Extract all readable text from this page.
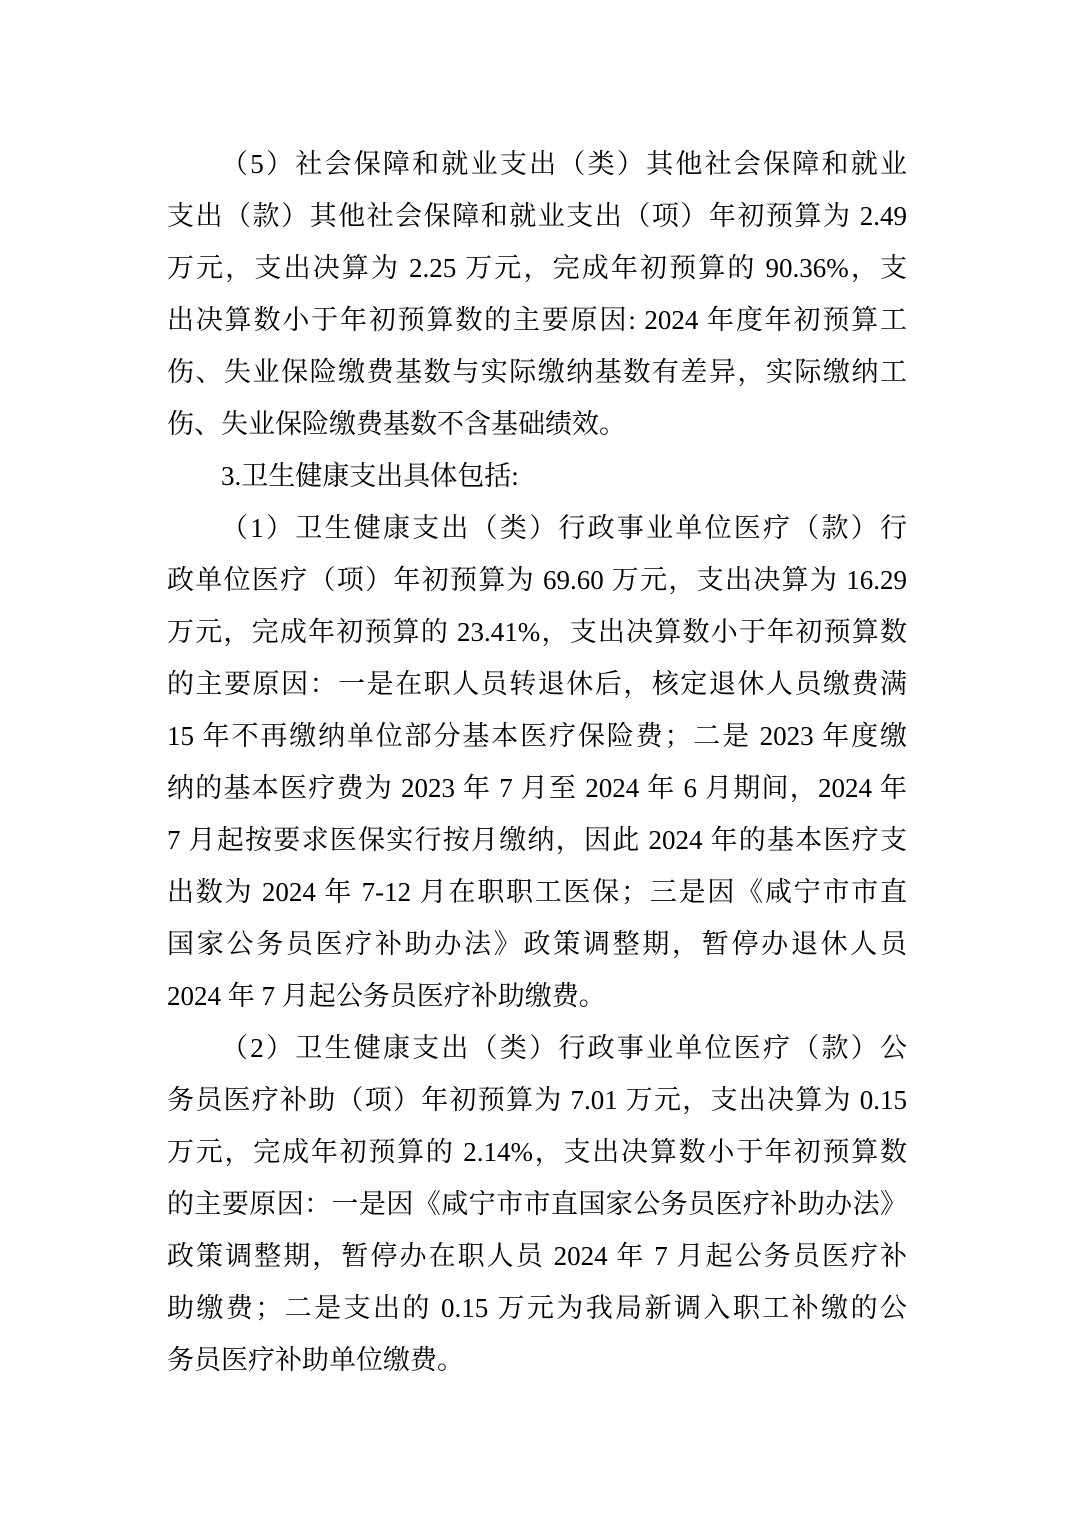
（5）社会保障和就业支出（类）其他社会保障和就业
支出（款）其他社会保障和就业支出（项）年初预算为 2.49
万元，支出决算为 2.25 万元，完成年初预算的 90.36%，支
出决算数小于年初预算数的主要原因: 2024 年度年初预算工
伤、失业保险缴费基数与实际缴纳基数有差异，实际缴纳工
伤、失业保险缴费基数不含基础绩效。
3.卫生健康支出具体包括:
（1）卫生健康支出（类）行政事业单位医疗（款）行
政单位医疗（项）年初预算为 69.60 万元，支出决算为 16.29
万元，完成年初预算的 23.41%，支出决算数小于年初预算数
的主要原因：一是在职人员转退休后，核定退休人员缴费满
15 年不再缴纳单位部分基本医疗保险费；二是 2023 年度缴
纳的基本医疗费为 2023 年 7 月至 2024 年 6 月期间，2024 年
7 月起按要求医保实行按月缴纳，因此 2024 年的基本医疗支
出数为 2024 年 7-12 月在职职工医保；三是因《咸宁市市直
国家公务员医疗补助办法》政策调整期，暂停办退休人员
2024 年 7 月起公务员医疗补助缴费。
（2）卫生健康支出（类）行政事业单位医疗（款）公
务员医疗补助（项）年初预算为 7.01 万元，支出决算为 0.15
万元，完成年初预算的 2.14%，支出决算数小于年初预算数
的主要原因：一是因《咸宁市市直国家公务员医疗补助办法》
政策调整期，暂停办在职人员 2024 年 7 月起公务员医疗补
助缴费；二是支出的 0.15 万元为我局新调入职工补缴的公
务员医疗补助单位缴费。
